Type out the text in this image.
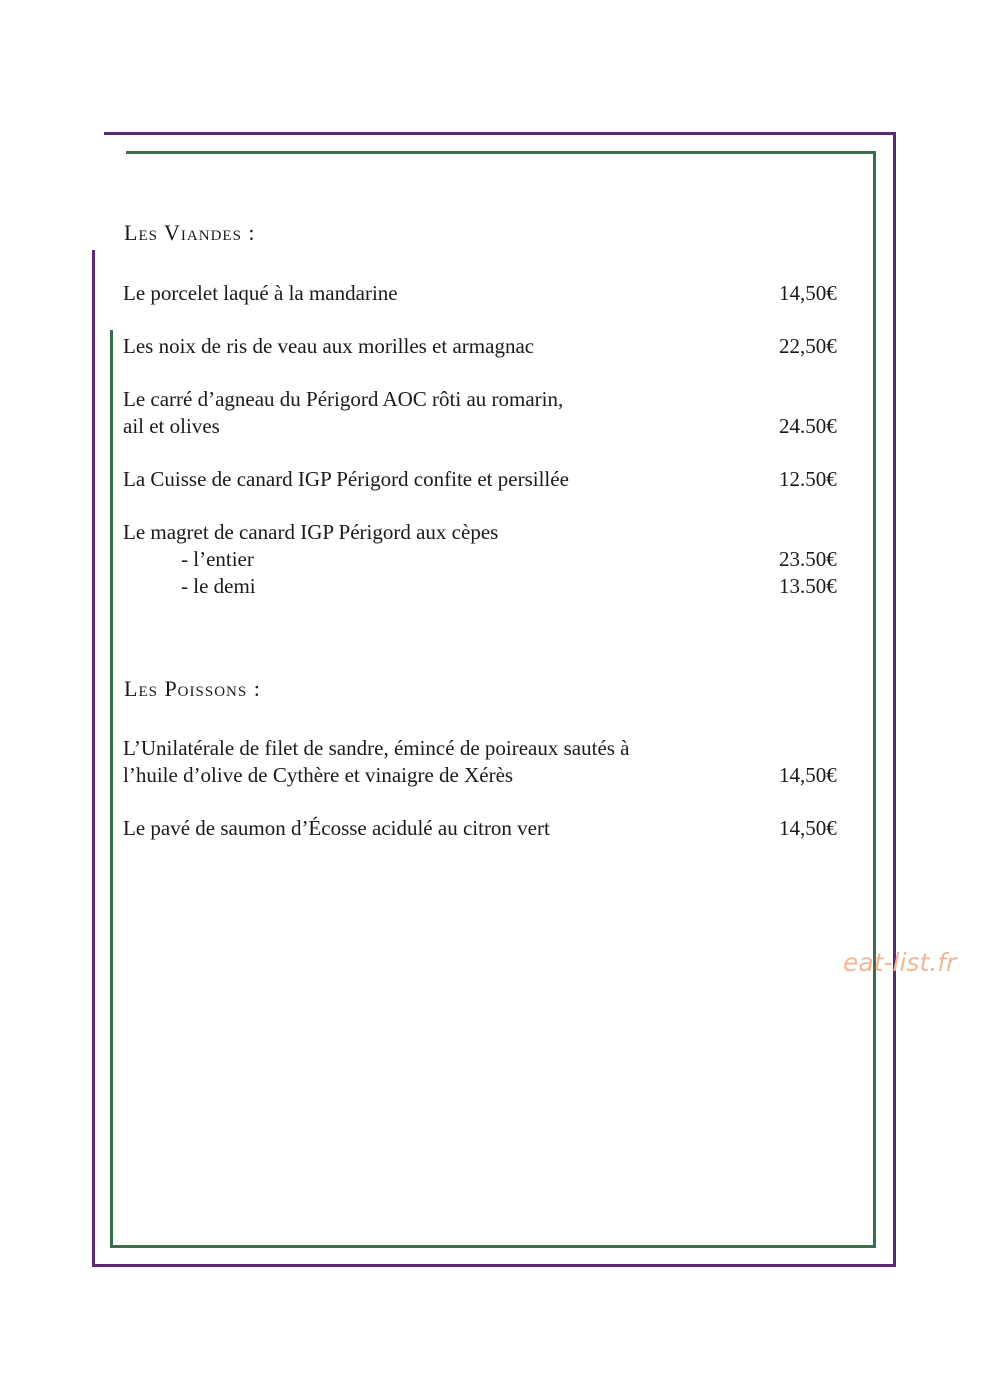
Les Viandes :
Le porcelet laqué à la mandarine	14,50€
Les noix de ris de veau aux morilles et armagnac	22,50€
Le carré d’agneau du Périgord AOC rôti au romarin,
ail et olives	24.50€
La Cuisse de canard IGP Périgord confite et persillée	12.50€
Le magret de canard IGP Périgord aux cèpes
- l’entier	23.50€
- le demi	13.50€
Les Poissons :
L’Unilatérale de filet de sandre, émincé de poireaux sautés à
l’huile d’olive de Cythère et vinaigre de Xérès	14,50€
Le pavé de saumon d’Écosse acidulé au citron vert	14,50€
eat-list.fr
